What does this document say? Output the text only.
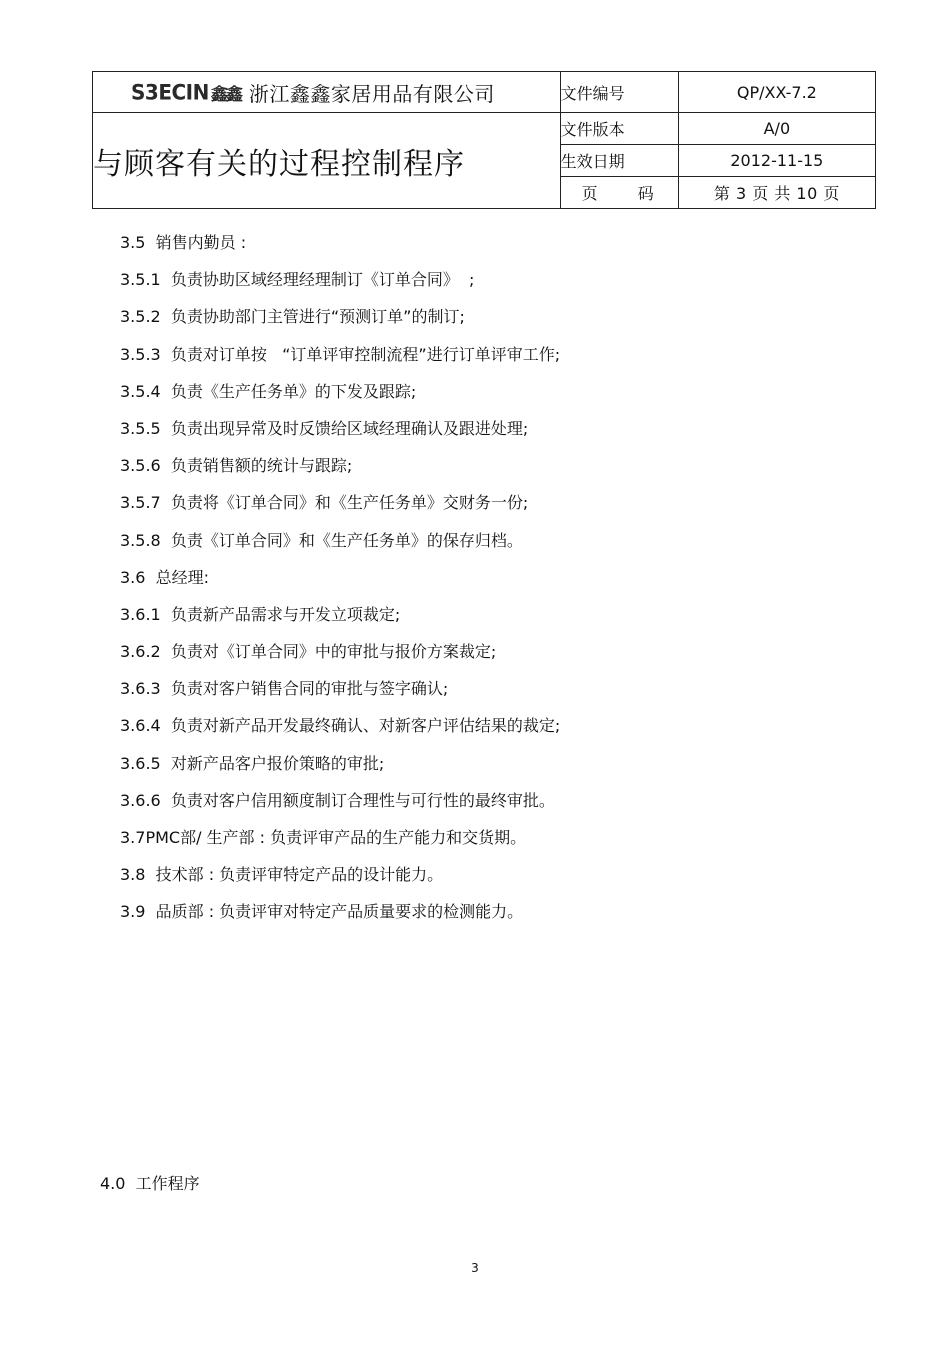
S3ECIN 鑫鑫 浙江鑫鑫家居用品有限公司	文件编号	QP/XX-7.2
与顾客有关的过程控制程序	文件版本	A/0
	生效日期	2012-11-15

	页 码	第 3 页 共 10 页
3.5  销售内勤员 :
3.5.1  负责协助区域经理经理制订《订单合同》  ;
3.5.2  负责协助部门主管进行“预测订单”的制订;
3.5.3  负责对订单按   “订单评审控制流程”进行订单评审工作;
3.5.4  负责《生产任务单》的下发及跟踪;
3.5.5  负责出现异常及时反馈给区域经理确认及跟进处理;
3.5.6  负责销售额的统计与跟踪;
3.5.7  负责将《订单合同》和《生产任务单》交财务一份;
3.5.8  负责《订单合同》和《生产任务单》的保存归档。
3.6  总经理:
3.6.1  负责新产品需求与开发立项裁定;
3.6.2  负责对《订单合同》中的审批与报价方案裁定;
3.6.3  负责对客户销售合同的审批与签字确认;
3.6.4  负责对新产品开发最终确认、对新客户评估结果的裁定;
3.6.5  对新产品客户报价策略的审批;
3.6.6  负责对客户信用额度制订合理性与可行性的最终审批。
3.7PMC部/ 生产部 : 负责评审产品的生产能力和交货期。
3.8  技术部 : 负责评审特定产品的设计能力。
3.9  品质部 : 负责评审对特定产品质量要求的检测能力。
4.0  工作程序
3
